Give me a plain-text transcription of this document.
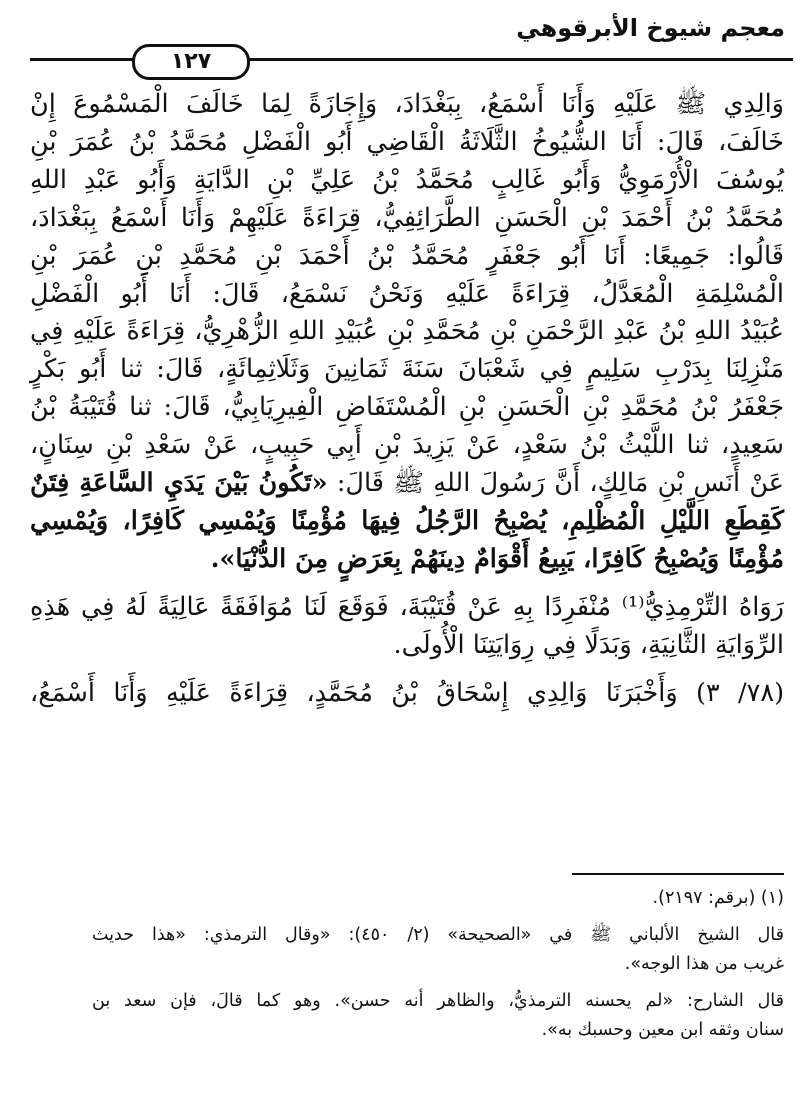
معجم شيوخ الأبرقوهي
١٢٧
وَالِدِي ﷺ عَلَيْهِ وَأَنَا أَسْمَعُ، بِبَغْدَادَ، وَإِجَازَةً لِمَا خَالَفَ الْمَسْمُوعَ إِنْ
خَالَفَ، قَالَ: أَنَا الشُّيُوخُ الثَّلَاثَةُ الْقَاضِي أَبُو الْفَضْلِ مُحَمَّدُ بْنُ عُمَرَ بْنِ
يُوسُفَ الْأُرْمَوِيُّ وَأَبُو غَالِبٍ مُحَمَّدُ بْنُ عَلِيِّ بْنِ الدَّايَةِ وَأَبُو عَبْدِ اللهِ
مُحَمَّدُ بْنُ أَحْمَدَ بْنِ الْحَسَنِ الطَّرَائِفِيُّ، قِرَاءَةً عَلَيْهِمْ وَأَنَا أَسْمَعُ بِبَغْدَادَ،
قَالُوا: جَمِيعًا: أَنَا أَبُو جَعْفَرٍ مُحَمَّدُ بْنُ أَحْمَدَ بْنِ مُحَمَّدِ بْنِ عُمَرَ بْنِ
الْمُسْلِمَةِ الْمُعَدَّلُ، قِرَاءَةً عَلَيْهِ وَنَحْنُ نَسْمَعُ، قَالَ: أَنَا أَبُو الْفَضْلِ
عُبَيْدُ اللهِ بْنُ عَبْدِ الرَّحْمَنِ بْنِ مُحَمَّدِ بْنِ عُبَيْدِ اللهِ الزُّهْرِيُّ، قِرَاءَةً عَلَيْهِ فِي
مَنْزِلِنَا بِدَرْبِ سَلِيمٍ فِي شَعْبَانَ سَنَةَ ثَمَانِينَ وَثَلَاثِمِائَةٍ، قَالَ: ثنا أَبُو بَكْرٍ
جَعْفَرُ بْنُ مُحَمَّدِ بْنِ الْحَسَنِ بْنِ الْمُسْتَفَاضِ الْفِيرِيَابِيُّ، قَالَ: ثنا قُتَيْبَةُ بْنُ
سَعِيدٍ، ثنا اللَّيْثُ بْنُ سَعْدٍ، عَنْ يَزِيدَ بْنِ أَبِي حَبِيبٍ، عَنْ سَعْدِ بْنِ سِنَانٍ،
عَنْ أَنَسِ بْنِ مَالِكٍ، أَنَّ رَسُولَ اللهِ ﷺ قَالَ: «تَكُونُ بَيْنَ يَدَيِ السَّاعَةِ فِتَنٌ
كَقِطَعِ اللَّيْلِ الْمُظْلِمِ، يُصْبِحُ الرَّجُلُ فِيهَا مُؤْمِنًا وَيُمْسِي كَافِرًا، وَيُمْسِي
مُؤْمِنًا وَيُصْبِحُ كَافِرًا، يَبِيعُ أَقْوَامٌ دِينَهُمْ بِعَرَضٍ مِنَ الدُّنْيَا».
رَوَاهُ التِّرْمِذِيُّ⁽¹⁾ مُنْفَرِدًا بِهِ عَنْ قُتَيْبَةَ، فَوَقَعَ لَنَا مُوَافَقَةً عَالِيَةً لَهُ فِي هَذِهِ
الرِّوَايَةِ الثَّانِيَةِ، وَبَدَلًا فِي رِوَايَتِنَا الْأُولَى.
(٧٨/ ٣) وَأَخْبَرَنَا وَالِدِي إِسْحَاقُ بْنُ مُحَمَّدٍ، قِرَاءَةً عَلَيْهِ وَأَنَا أَسْمَعُ،
(١) (برقم: ٢١٩٧).
قال الشيخ الألباني ﷺ في «الصحيحة» (٢/ ٤٥٠): «وقال الترمذي: «هذا حديث
غريب من هذا الوجه».
قال الشارح: «لم يحسنه الترمذيُّ، والظاهر أنه حسن». وهو كما قالَ، فإن سعد بن
سنان وثقه ابن معين وحسبك به».
